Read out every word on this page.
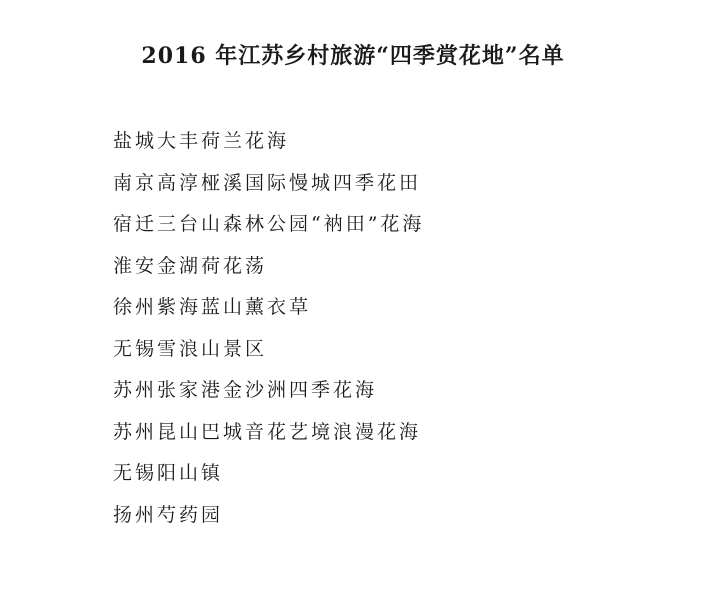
2016 年江苏乡村旅游“四季赏花地”名单
盐城大丰荷兰花海
南京高淳桠溪国际慢城四季花田
宿迁三台山森林公园“衲田”花海
淮安金湖荷花荡
徐州紫海蓝山薰衣草
无锡雪浪山景区
苏州张家港金沙洲四季花海
苏州昆山巴城音花艺境浪漫花海
无锡阳山镇
扬州芍药园
